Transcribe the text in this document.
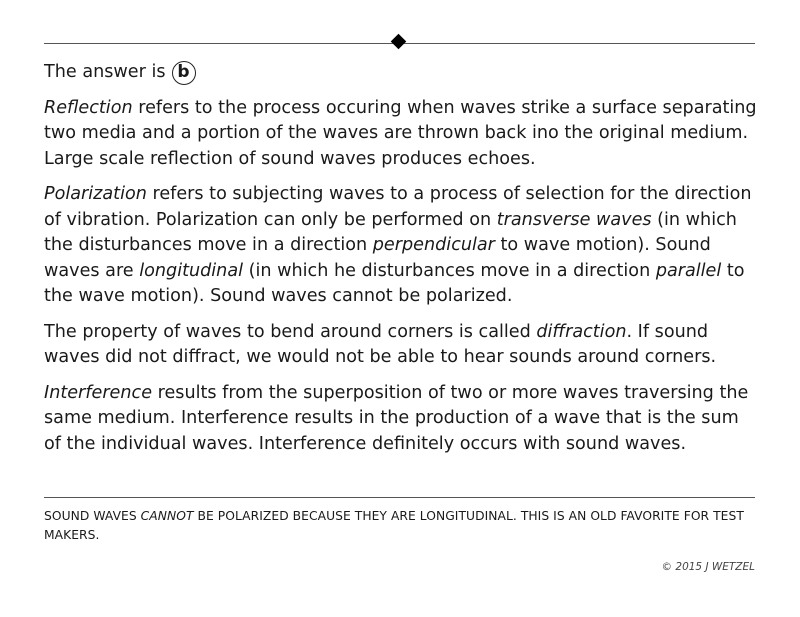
The answer is b

Reflection refers to the process occuring when waves strike a surface separating two media and a portion of the waves are thrown back ino the original medium. Large scale reflection of sound waves produces echoes.

Polarization refers to subjecting waves to a process of selection for the direction of vibration. Polarization can only be performed on transverse waves (in which the disturbances move in a direction perpendicular to wave motion). Sound waves are longitudinal (in which he disturbances move in a direction parallel to the wave motion). Sound waves cannot be polarized.

The property of waves to bend around corners is called diffraction. If sound waves did not diffract, we would not be able to hear sounds around corners.

Interference results from the superposition of two or more waves traversing the same medium. Interference results in the production of a wave that is the sum of the individual waves. Interference definitely occurs with sound waves.

SOUND WAVES CANNOT BE POLARIZED BECAUSE THEY ARE LONGITUDINAL. THIS IS AN OLD FAVORITE FOR TEST MAKERS.
© 2015 J WETZEL
